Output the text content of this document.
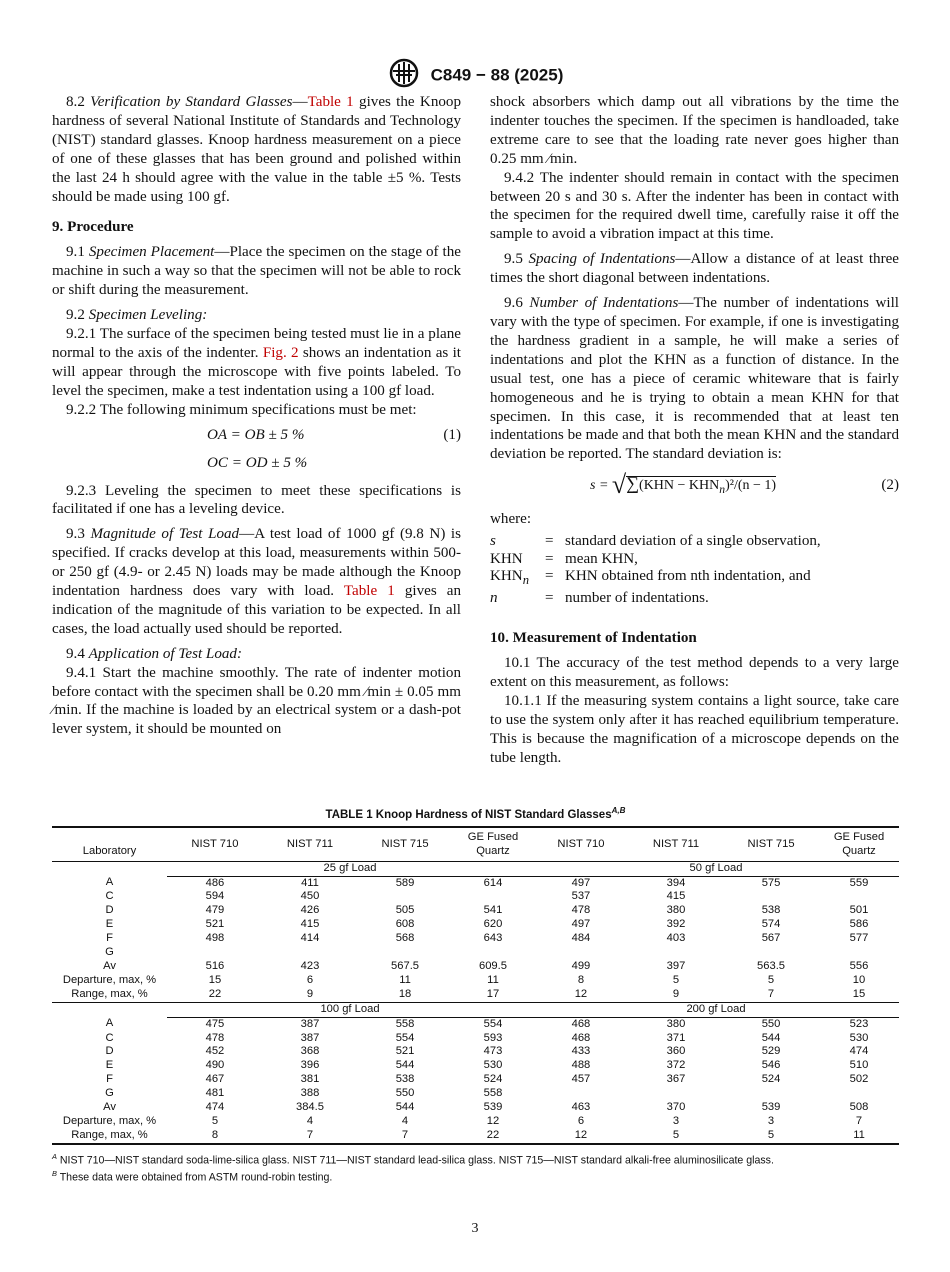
C849 − 88 (2025)

8.2 Verification by Standard Glasses—Table 1 gives the Knoop hardness of several National Institute of Standards and Technology (NIST) standard glasses. Knoop hardness measurement on a piece of one of these glasses that has been ground and polished within the last 24 h should agree with the value in the table ±5 %. Tests should be made using 100 gf.

9. Procedure

9.1 Specimen Placement—Place the specimen on the stage of the machine in such a way so that the specimen will not be able to rock or shift during the measurement.

9.2 Specimen Leveling:

9.2.1 The surface of the specimen being tested must lie in a plane normal to the axis of the indenter. Fig. 2 shows an indentation as it will appear through the microscope with five points labeled. To level the specimen, make a test indentation using a 100 gf load.

9.2.2 The following minimum specifications must be met:

OA = OB ± 5 %	(1)
OC = OD ± 5 %

9.2.3 Leveling the specimen to meet these specifications is facilitated if one has a leveling device.

9.3 Magnitude of Test Load—A test load of 1000 gf (9.8 N) is specified. If cracks develop at this load, measurements within 500- or 250 gf (4.9- or 2.45 N) loads may be made although the Knoop indentation hardness does vary with load. Table 1 gives an indication of the magnitude of this variation to be expected. In all cases, the load actually used should be reported.

9.4 Application of Test Load:

9.4.1 Start the machine smoothly. The rate of indenter motion before contact with the specimen shall be 0.20 mm ⁄min ± 0.05 mm ⁄min. If the machine is loaded by an electrical system or a dash-pot lever system, it should be mounted on

shock absorbers which damp out all vibrations by the time the indenter touches the specimen. If the specimen is handloaded, take extreme care to see that the loading rate never goes higher than 0.25 mm ⁄min.

9.4.2 The indenter should remain in contact with the specimen between 20 s and 30 s. After the indenter has been in contact with the specimen for the required dwell time, carefully raise it off the sample to avoid a vibration impact at this time.

9.5 Spacing of Indentations—Allow a distance of at least three times the short diagonal between indentations.

9.6 Number of Indentations—The number of indentations will vary with the type of specimen. For example, if one is investigating the hardness gradient in a sample, he will make a series of indentations and plot the KHN as a function of distance. In the usual test, one has a piece of ceramic whiteware that is fairly homogeneous and he is trying to obtain a mean KHN for that specimen. In this case, it is recommended that at least ten indentations be made and that both the mean KHN and the standard deviation be reported. The standard deviation is:

$s = √\sum(KHN - KHN_n)^2/(n - 1)$	(2)

where:

s	=	standard deviation of a single observation,
KHN	=	mean KHN,
$KHN_n$	=	KHN obtained from nth indentation, and
n	=	number of indentations.

10. Measurement of Indentation

10.1 The accuracy of the test method depends to a very large extent on this measurement, as follows:

10.1.1 If the measuring system contains a light source, take care to use the system only after it has reached equilibrium temperature. This is because the magnification of a microscope depends on the tube length.

TABLE 1 Knoop Hardness of NIST Standard Glasses$^{A,B}$
Laboratory	NIST 710	NIST 711	NIST 715	GE Fused Quartz	NIST 710	NIST 711	NIST 715	GE Fused Quartz
	25 gf Load				50 gf Load			
A	486	411	589	614	497	394	575	559
C	594	450			537	415		
D	479	426	505	541	478	380	538	501
E	521	415	608	620	497	392	574	586
F	498	414	568	643	484	403	567	577
G								
Av	516	423	567.5	609.5	499	397	563.5	556
Departure, max, %	15	6	11	11	8	5	5	10
Range, max, %	22	9	18	17	12	9	7	15
	100 gf Load				200 gf Load			
A	475	387	558	554	468	380	550	523
C	478	387	554	593	468	371	544	530
D	452	368	521	473	433	360	529	474
E	490	396	544	530	488	372	546	510
F	467	381	538	524	457	367	524	502
G	481	388	550	558				
Av	474	384.5	544	539	463	370	539	508
Departure, max, %	5	4	4	12	6	3	3	7
Range, max, %	8	7	7	22	12	5	5	11
$^A$ NIST 710—NIST standard soda-lime-silica glass. NIST 711—NIST standard lead-silica glass. NIST 715—NIST standard alkali-free aluminosilicate glass.
$^B$ These data were obtained from ASTM round-robin testing.
3
